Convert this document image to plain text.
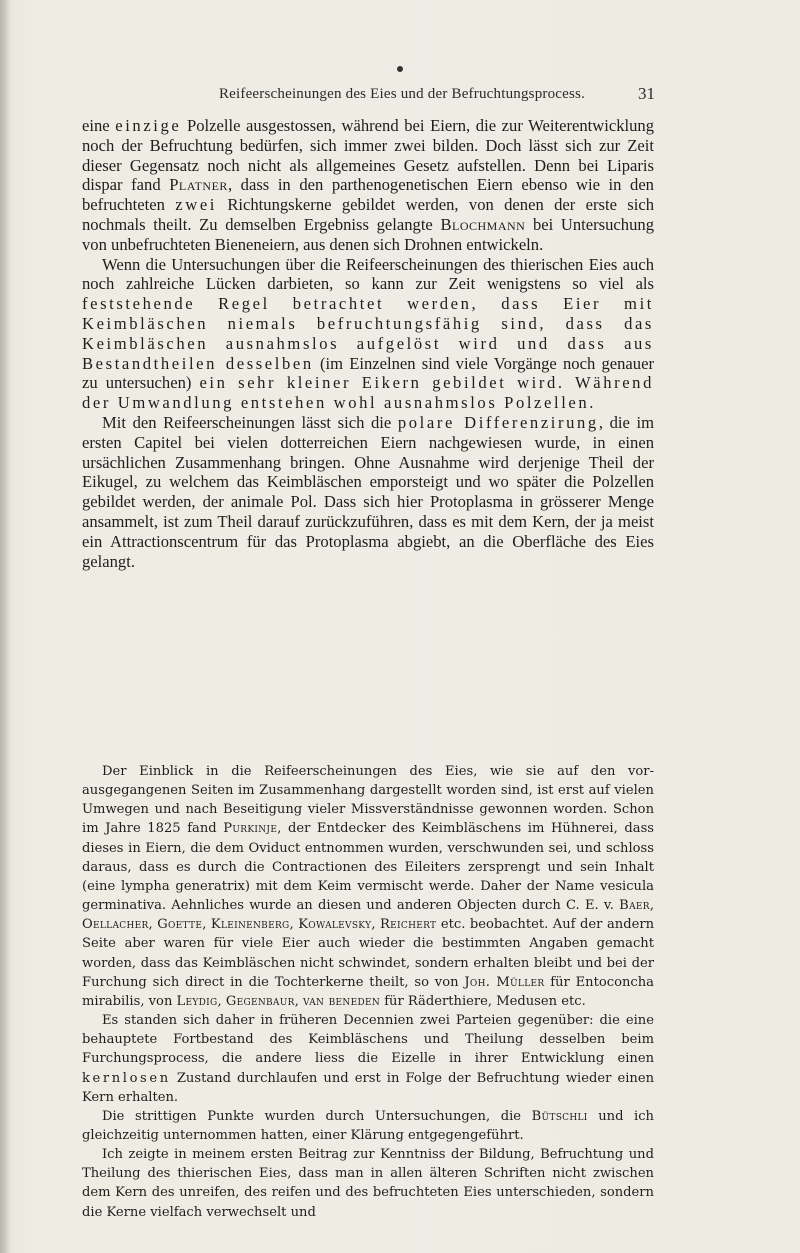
Reifeerscheinungen des Eies und der Befruchtungsprocess.	31

eine einzige Polzelle ausgestossen, während bei Eiern, die zur Weiterentwicklung noch der Befruchtung bedürfen, sich immer zwei bilden. Doch lässt sich zur Zeit dieser Gegensatz noch nicht als allgemeines Gesetz aufstellen. Denn bei Liparis dispar fand Platner, dass in den parthenogenetischen Eiern ebenso wie in den befruchteten zwei Richtungskerne gebildet werden, von denen der erste sich nochmals theilt. Zu demselben Ergebniss gelangte Blochmann bei Untersuchung von unbefruchteten Bieneneiern, aus denen sich Drohnen entwickeln.

Wenn die Untersuchungen über die Reifeerscheinungen des thierischen Eies auch noch zahlreiche Lücken darbieten, so kann zur Zeit wenigstens so viel als feststehende Regel betrachtet werden, dass Eier mit Keimbläschen niemals befruchtungsfähig sind, dass das Keimbläschen ausnahmslos aufgelöst wird und dass aus Bestandtheilen desselben (im Einzelnen sind viele Vorgänge noch genauer zu untersuchen) ein sehr kleiner Eikern gebildet wird. Während der Umwandlung entstehen wohl ausnahmslos Polzellen.

Mit den Reifeerscheinungen lässt sich die polare Differenzirung, die im ersten Capitel bei vielen dotterreichen Eiern nachgewiesen wurde, in einen ursächlichen Zusammenhang bringen. Ohne Ausnahme wird derjenige Theil der Eikugel, zu welchem das Keimbläschen emporsteigt und wo später die Polzellen gebildet werden, der animale Pol. Dass sich hier Protoplasma in grösserer Menge ansammelt, ist zum Theil darauf zurückzuführen, dass es mit dem Kern, der ja meist ein Attractionscentrum für das Protoplasma abgiebt, an die Oberfläche des Eies gelangt.

Der Einblick in die Reifeerscheinungen des Eies, wie sie auf den vorausgegangenen Seiten im Zusammenhang dargestellt worden sind, ist erst auf vielen Umwegen und nach Beseitigung vieler Missverständnisse gewonnen worden. Schon im Jahre 1825 fand Purkinje, der Entdecker des Keimbläschens im Hühnerei, dass dieses in Eiern, die dem Oviduct entnommen wurden, verschwunden sei, und schloss daraus, dass es durch die Contractionen des Eileiters zersprengt und sein Inhalt (eine lympha generatrix) mit dem Keim vermischt werde. Daher der Name vesicula germinativa. Aehnliches wurde an diesen und anderen Objecten durch C. E. v. Baer, Oellacher, Goette, Kleinenberg, Kowalevsky, Reichert etc. beobachtet. Auf der andern Seite aber waren für viele Eier auch wieder die bestimmten Angaben gemacht worden, dass das Keimbläschen nicht schwindet, sondern erhalten bleibt und bei der Furchung sich direct in die Tochterkerne theilt, so von Joh. Müller für Entoconcha mirabilis, von Leydig, Gegenbaur, van beneden für Räderthiere, Medusen etc.

Es standen sich daher in früheren Decennien zwei Parteien gegenüber: die eine behauptete Fortbestand des Keimbläschens und Theilung desselben beim Furchungsprocess, die andere liess die Eizelle in ihrer Entwicklung einen kernlosen Zustand durchlaufen und erst in Folge der Befruchtung wieder einen Kern erhalten.

Die strittigen Punkte wurden durch Untersuchungen, die Bütschli und ich gleichzeitig unternommen hatten, einer Klärung entgegengeführt.

Ich zeigte in meinem ersten Beitrag zur Kenntniss der Bildung, Befruchtung und Theilung des thierischen Eies, dass man in allen älteren Schriften nicht zwischen dem Kern des unreifen, des reifen und des befruchteten Eies unterschieden, sondern die Kerne vielfach verwechselt und
